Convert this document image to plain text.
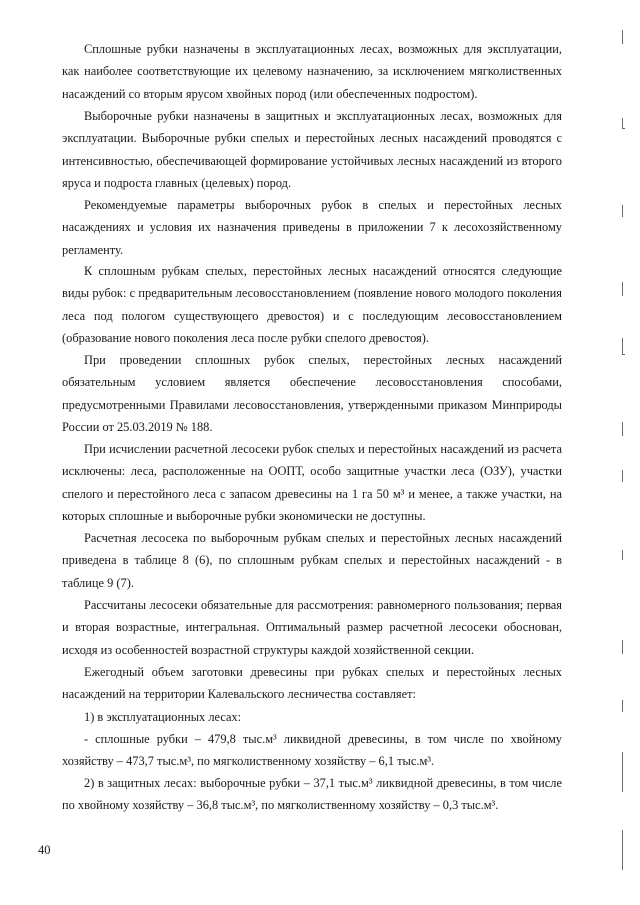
Сплошные рубки назначены в эксплуатационных лесах, возможных для эксплуатации, как наиболее соответствующие их целевому назначению, за исключением мягколиственных насаждений со вторым ярусом хвойных пород (или обеспеченных подростом).

Выборочные рубки назначены в защитных и эксплуатационных лесах, возможных для эксплуатации. Выборочные рубки спелых и перестойных лесных насаждений проводятся с интенсивностью, обеспечивающей формирование устойчивых лесных насаждений из второго яруса и подроста главных (целевых) пород.

Рекомендуемые параметры выборочных рубок в спелых и перестойных лесных насаждениях и условия их назначения приведены в приложении 7 к лесохозяйственному регламенту.

К сплошным рубкам спелых, перестойных лесных насаждений относятся следующие виды рубок: с предварительным лесовосстановлением (появление нового молодого поколения леса под пологом существующего древостоя) и с последующим лесовосстановлением (образование нового поколения леса после рубки спелого древостоя).

При проведении сплошных рубок спелых, перестойных лесных насаждений обязательным условием является обеспечение лесовосстановления способами, предусмотренными Правилами лесовосстановления, утвержденными приказом Минприроды России от 25.03.2019 № 188.

При исчислении расчетной лесосеки рубок спелых и перестойных насаждений из расчета исключены: леса, расположенные на ООПТ, особо защитные участки леса (ОЗУ), участки спелого и перестойного леса с запасом древесины на 1 га 50 м³ и менее, а также участки, на которых сплошные и выборочные рубки экономически не доступны.

Расчетная лесосека по выборочным рубкам спелых и перестойных лесных насаждений приведена в таблице 8 (6), по сплошным рубкам спелых и перестойных насаждений - в таблице 9 (7).

Рассчитаны лесосеки обязательные для рассмотрения: равномерного пользования; первая и вторая возрастные, интегральная. Оптимальный размер расчетной лесосеки обоснован, исходя из особенностей возрастной структуры каждой хозяйственной секции.

Ежегодный объем заготовки древесины при рубках спелых и перестойных лесных насаждений на территории Калевальского лесничества составляет:

1) в эксплуатационных лесах:

- сплошные рубки – 479,8 тыс.м³ ликвидной древесины, в том числе по хвойному хозяйству – 473,7 тыс.м³, по мягколиственному хозяйству – 6,1 тыс.м³.

2) в защитных лесах: выборочные рубки – 37,1 тыс.м³ ликвидной древесины, в том числе по хвойному хозяйству – 36,8 тыс.м³, по мягколиственному хозяйству – 0,3 тыс.м³.

40
